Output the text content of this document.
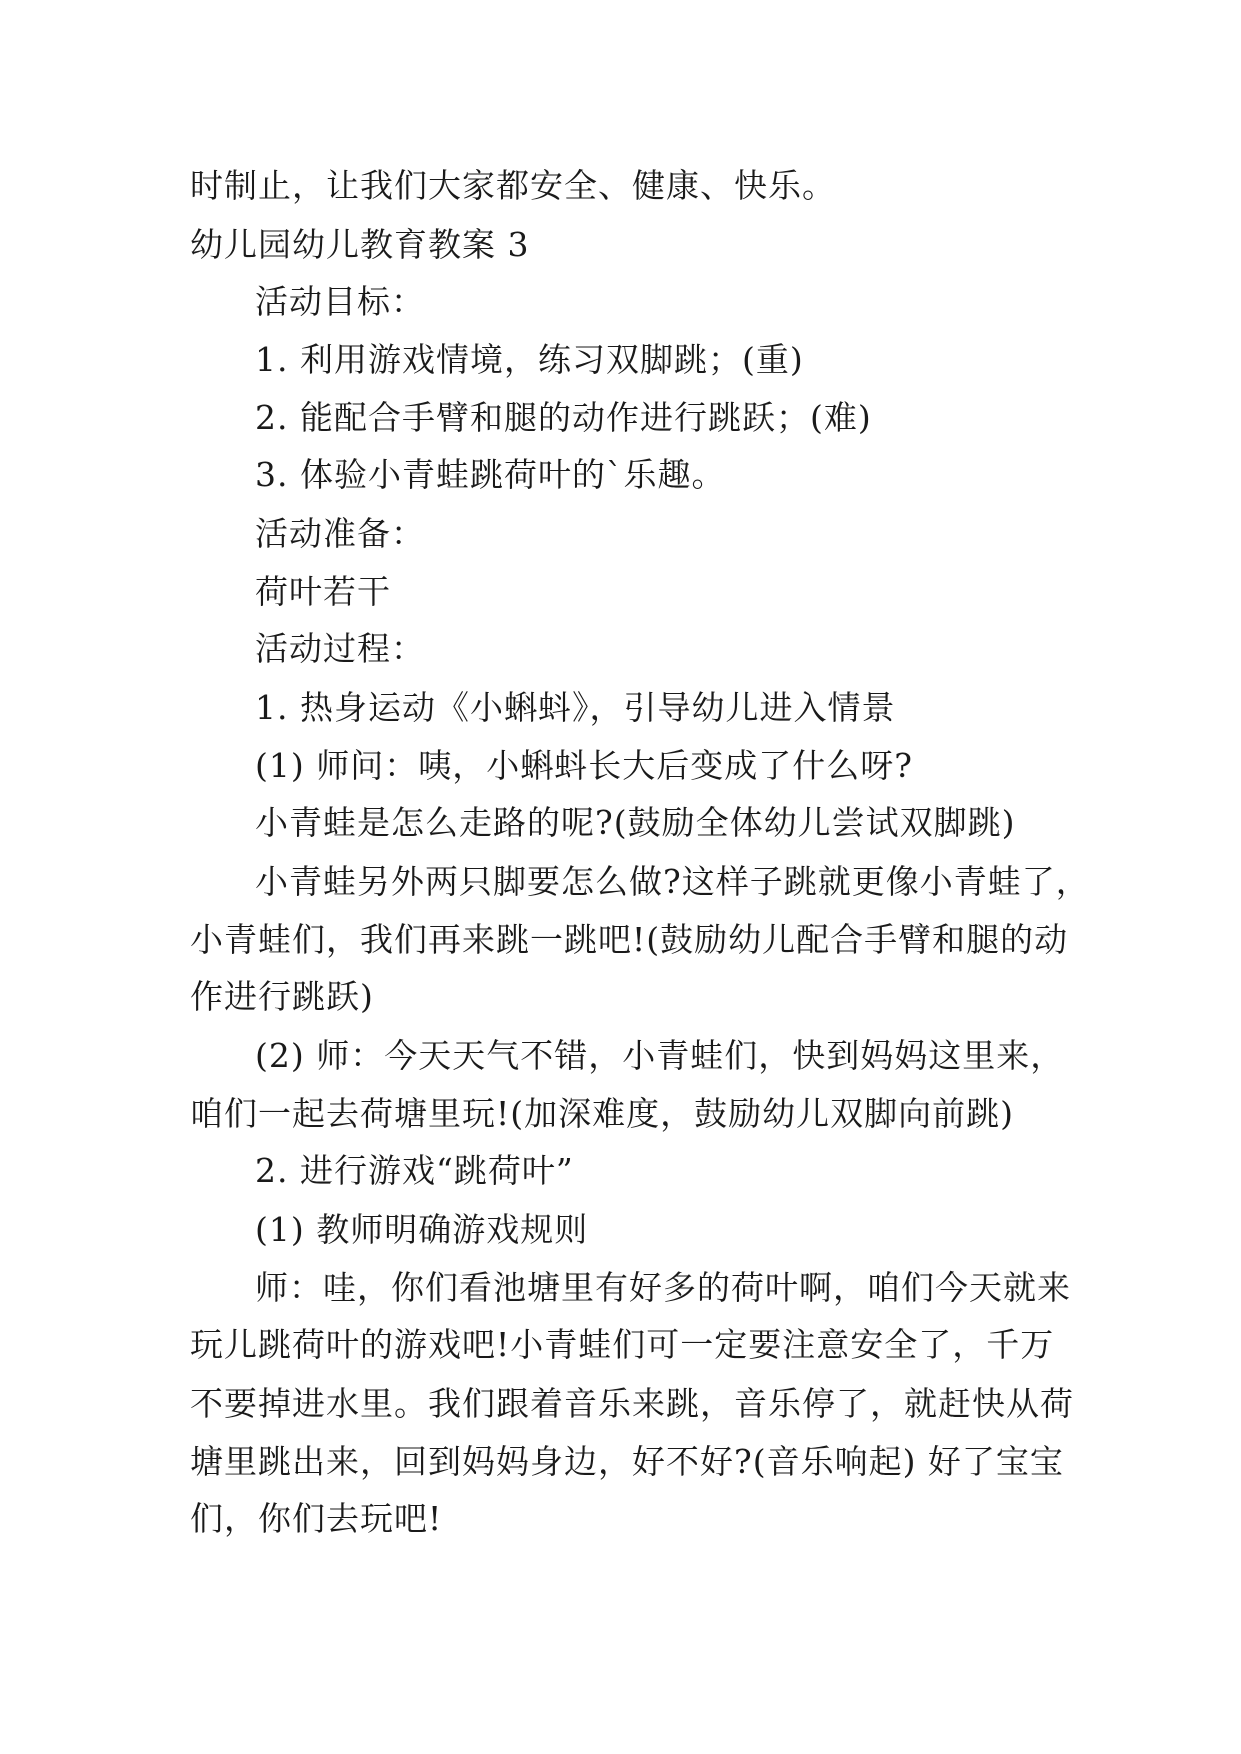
时制止，让我们大家都安全、健康、快乐。
幼儿园幼儿教育教案 3
活动目标：
1. 利用游戏情境，练习双脚跳；(重)
2. 能配合手臂和腿的动作进行跳跃；(难)
3. 体验小青蛙跳荷叶的`乐趣。
活动准备：
荷叶若干
活动过程：
1. 热身运动《小蝌蚪》，引导幼儿进入情景
(1) 师问：咦，小蝌蚪长大后变成了什么呀?
小青蛙是怎么走路的呢?(鼓励全体幼儿尝试双脚跳)
小青蛙另外两只脚要怎么做?这样子跳就更像小青蛙了，
小青蛙们，我们再来跳一跳吧!(鼓励幼儿配合手臂和腿的动
作进行跳跃)
(2) 师：今天天气不错，小青蛙们，快到妈妈这里来，
咱们一起去荷塘里玩!(加深难度，鼓励幼儿双脚向前跳)
2. 进行游戏“跳荷叶”
(1) 教师明确游戏规则
师：哇，你们看池塘里有好多的荷叶啊，咱们今天就来
玩儿跳荷叶的游戏吧!小青蛙们可一定要注意安全了，千万
不要掉进水里。我们跟着音乐来跳，音乐停了，就赶快从荷
塘里跳出来，回到妈妈身边，好不好?(音乐响起) 好了宝宝
们，你们去玩吧!
